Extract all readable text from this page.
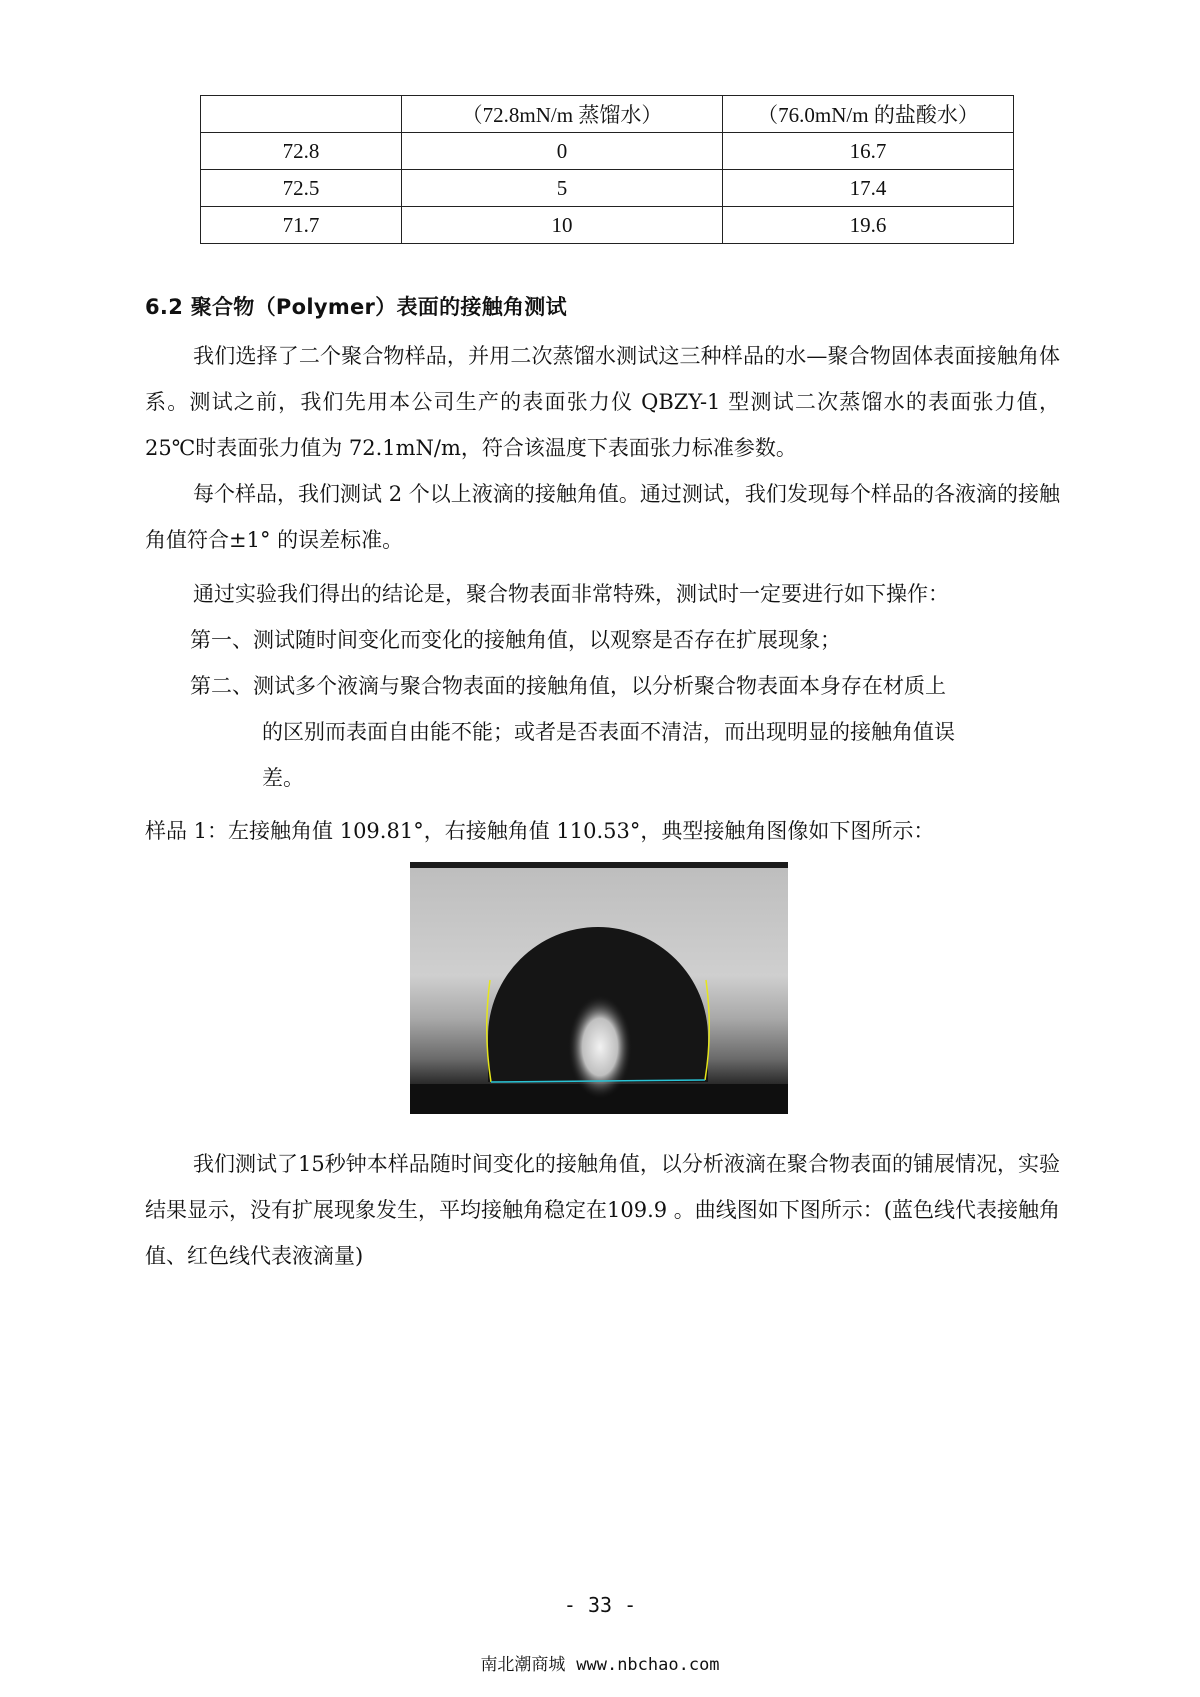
	（72.8mN/m 蒸馏水）	（76.0mN/m 的盐酸水）
72.8	0	16.7
72.5	5	17.4
71.7	10	19.6
6.2 聚合物（Polymer）表面的接触角测试
我们选择了二个聚合物样品，并用二次蒸馏水测试这三种样品的水—聚合物固体表面接触角体系。测试之前，我们先用本公司生产的表面张力仪 QBZY-1 型测试二次蒸馏水的表面张力值，25℃时表面张力值为 72.1mN/m，符合该温度下表面张力标准参数。
每个样品，我们测试 2 个以上液滴的接触角值。通过测试，我们发现每个样品的各液滴的接触角值符合±1° 的误差标准。
通过实验我们得出的结论是，聚合物表面非常特殊，测试时一定要进行如下操作：
第一、测试随时间变化而变化的接触角值，以观察是否存在扩展现象；
第二、测试多个液滴与聚合物表面的接触角值，以分析聚合物表面本身存在材质上
的区别而表面自由能不能；或者是否表面不清洁，而出现明显的接触角值误
差。
样品 1：左接触角值 109.81°，右接触角值 110.53°，典型接触角图像如下图所示：
我们测试了15秒钟本样品随时间变化的接触角值，以分析液滴在聚合物表面的铺展情况，实验结果显示，没有扩展现象发生，平均接触角稳定在109.9 。曲线图如下图所示：(蓝色线代表接触角值、红色线代表液滴量)
- 33 -
南北潮商城 www.nbchao.com
